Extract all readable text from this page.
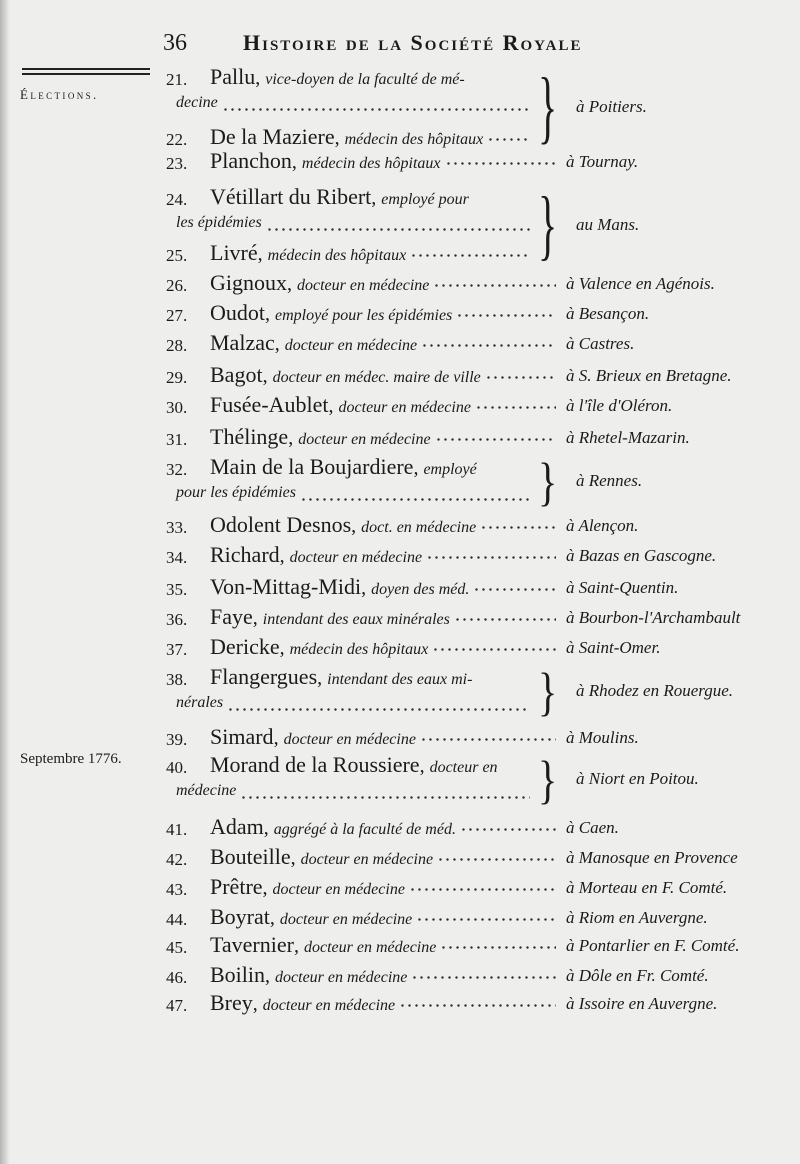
36	Histoire de la Société Royale
Élections.
Septembre 1776.
21. Pallu, vice-doyen de la faculté de mé-
decine	à Poitiers.
22. De la Maziere, médecin des hôpitaux
23. Planchon, médecin des hôpitaux	à Tournay.
24. Vétillart du Ribert, employé pour
les épidémies	au Mans.
25. Livré, médecin des hôpitaux
26. Gignoux, docteur en médecine	à Valence en Agénois.
27. Oudot, employé pour les épidémies	à Besançon.
28. Malzac, docteur en médecine	à Castres.
29. Bagot, docteur en médec. maire de ville	à S. Brieux en Bretagne.
30. Fusée-Aublet, docteur en médecine	à l'île d'Oléron.
31. Thélinge, docteur en médecine	à Rhetel-Mazarin.
32. Main de la Boujardiere, employé
pour les épidémies
à Rennes.
33. Odolent Desnos, doct. en médecine	à Alençon.
34. Richard, docteur en médecine	à Bazas en Gascogne.
35. Von-Mittag-Midi, doyen des méd.	à Saint-Quentin.
36. Faye, intendant des eaux minérales	à Bourbon-l'Archambault
37. Dericke, médecin des hôpitaux	à Saint-Omer.
38. Flangergues, intendant des eaux mi-
nérales
à Rhodez en Rouergue.
39. Simard, docteur en médecine	à Moulins.
40. Morand de la Roussiere, docteur en
médecine
à Niort en Poitou.
41. Adam, aggrégé à la faculté de méd.	à Caen.
42. Bouteille, docteur en médecine	à Manosque en Provence
43. Prêtre, docteur en médecine	à Morteau en F. Comté.
44. Boyrat, docteur en médecine	à Riom en Auvergne.
45. Tavernier, docteur en médecine	à Pontarlier en F. Comté.
46. Boilin, docteur en médecine	à Dôle en Fr. Comté.
47. Brey, docteur en médecine	à Issoire en Auvergne.
}
}
}
}
}
